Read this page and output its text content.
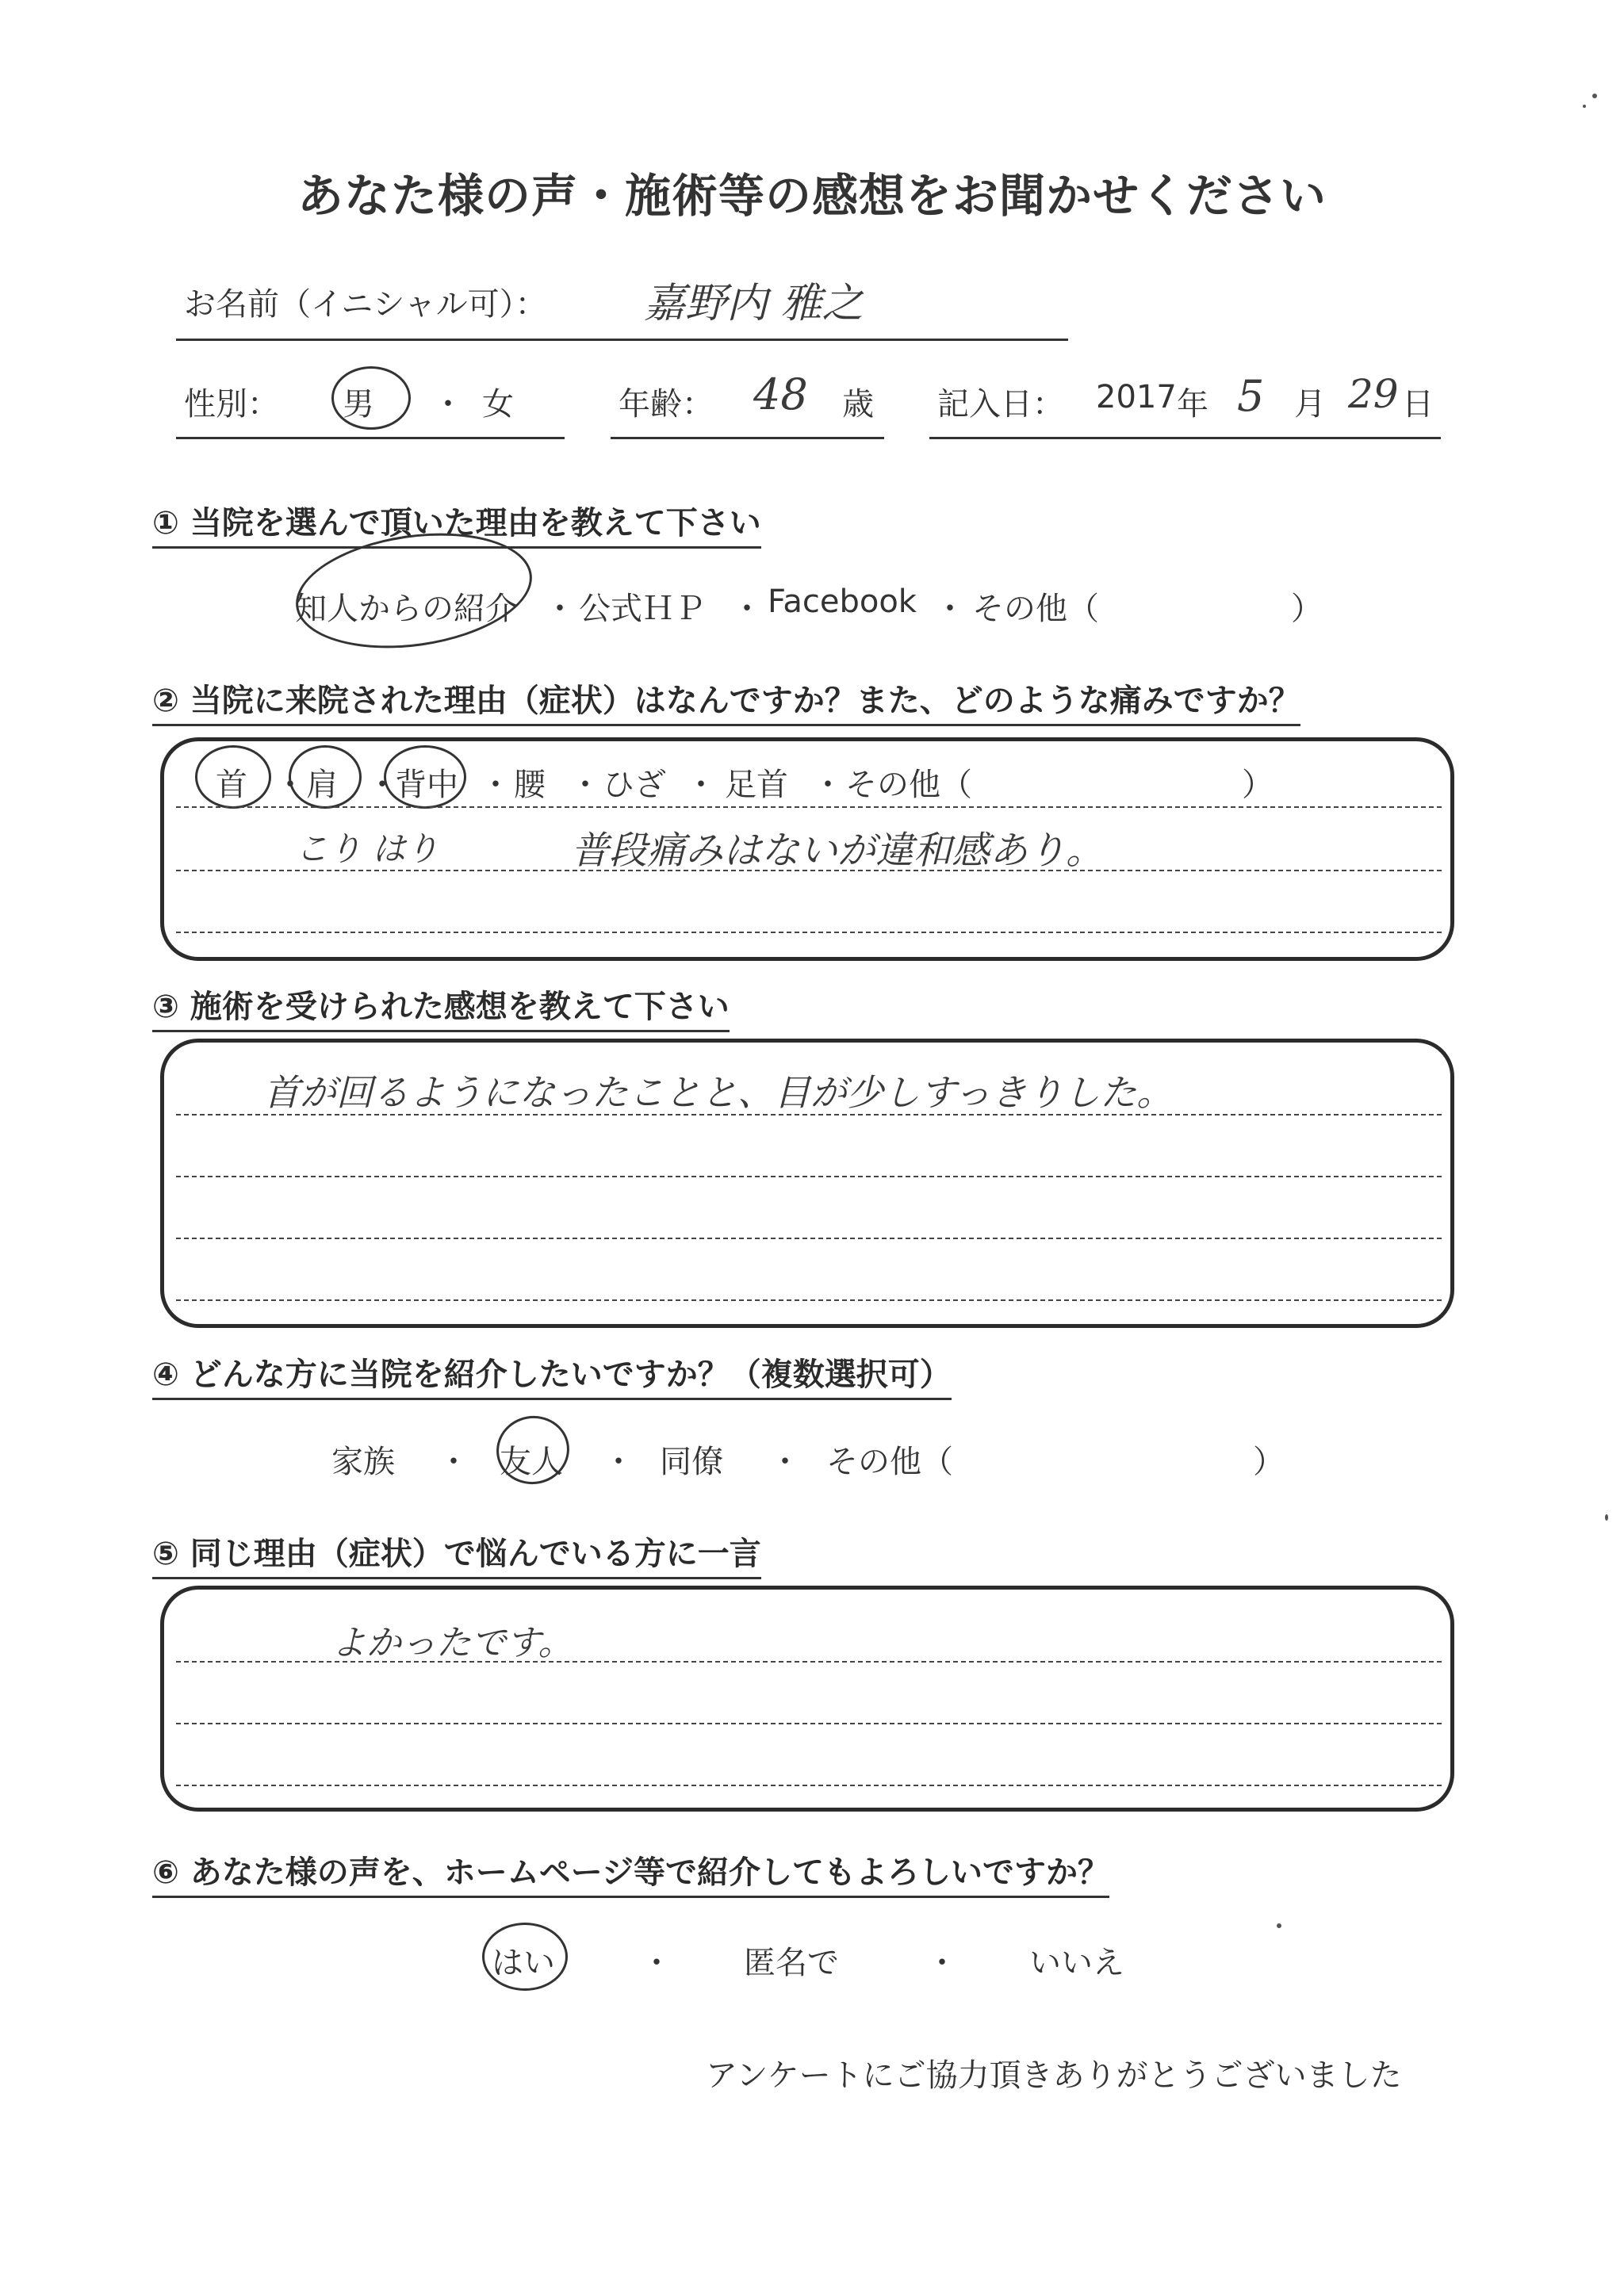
あなた様の声・施術等の感想をお聞かせください
お名前（イニシャル可）： 嘉野内 雅之
性別： 男 ・ 女	年齢： 48 歳 記入日： 2017 年 5 月 29 日
① 当院を選んで頂いた理由を教えて下さい
知人からの紹介 ・ 公式ＨＰ ・ Facebook ・ その他（	）
② 当院に来院された理由（症状）はなんですか？また、どのような痛みですか？
首 ・ 肩 ・
背中 ・ 腰 ・ ひざ ・ 足首 ・ その他（	）
こり はり	普段痛みはないが違和感あり。
③ 施術を受けられた感想を教えて下さい
首が回るようになったことと、目が少しすっきりした。
④ どんな方に当院を紹介したいですか？（複数選択可）
家族 ・ 友人 ・ 同僚 ・ その他（	）
⑤ 同じ理由（症状）で悩んでいる方に一言
よかったです。
⑥ あなた様の声を、ホームページ等で紹介してもよろしいですか？
はい	・ 匿名で	・ いいえ
アンケートにご協力頂きありがとうございました
